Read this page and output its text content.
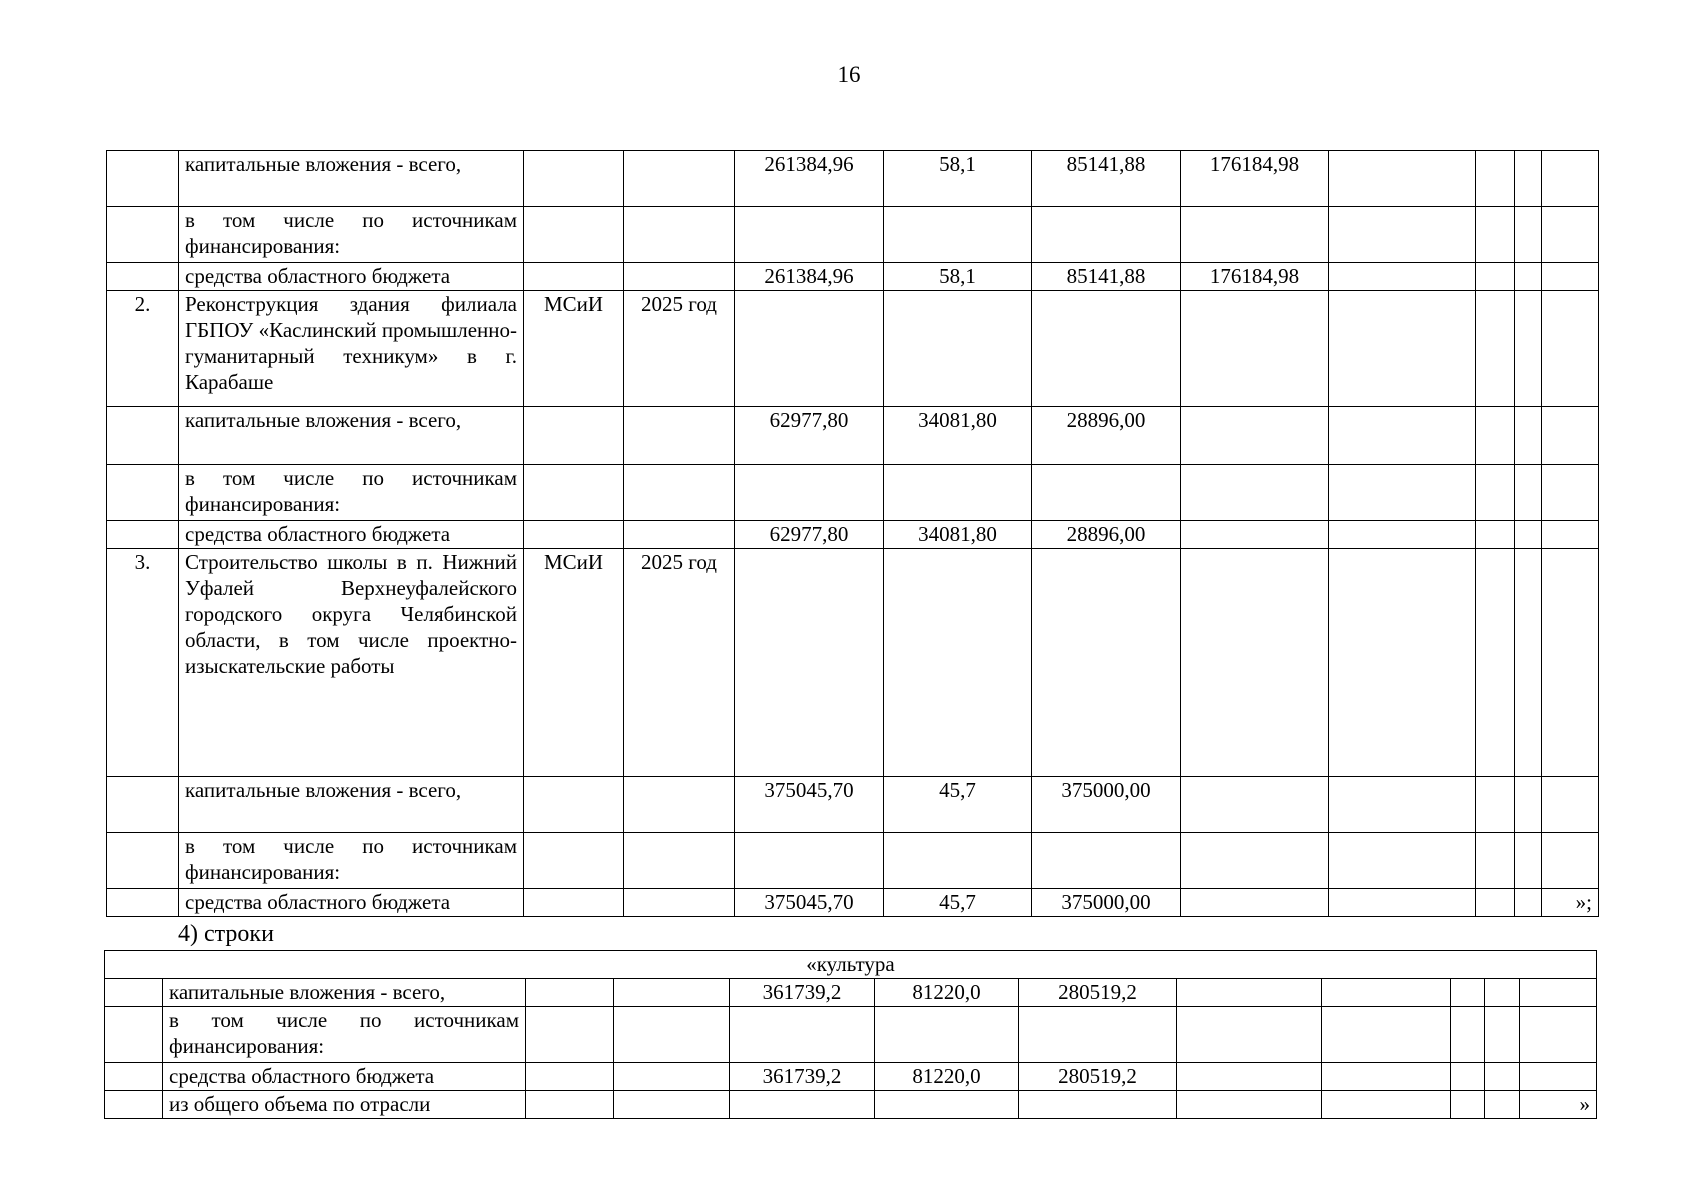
16
	капитальные вложения - всего,			261384,96	58,1	85141,88	176184,98				
	в том числе по источникам финансирования:										
	средства областного бюджета			261384,96	58,1	85141,88	176184,98				
2.	Реконструкция здания филиала ГБПОУ «Каслинский промышленно-гуманитарный техникум» в г. Карабаше	МСиИ	2025 год								
	капитальные вложения - всего,			62977,80	34081,80	28896,00					
	в том числе по источникам финансирования:										
	средства областного бюджета			62977,80	34081,80	28896,00					
3.	Строительство школы в п. Нижний Уфалей Верхнеуфалейского городского округа Челябинской области, в том числе проектно-изыскательские работы	МСиИ	2025 год								
	капитальные вложения - всего,			375045,70	45,7	375000,00					
	в том числе по источникам финансирования:										
	средства областного бюджета			375045,70	45,7	375000,00					»;
4) строки
«культура											
	капитальные вложения - всего,			361739,2	81220,0	280519,2					
	в том числе по источникам финансирования:										
	средства областного бюджета			361739,2	81220,0	280519,2					
	из общего объема по отрасли										»
